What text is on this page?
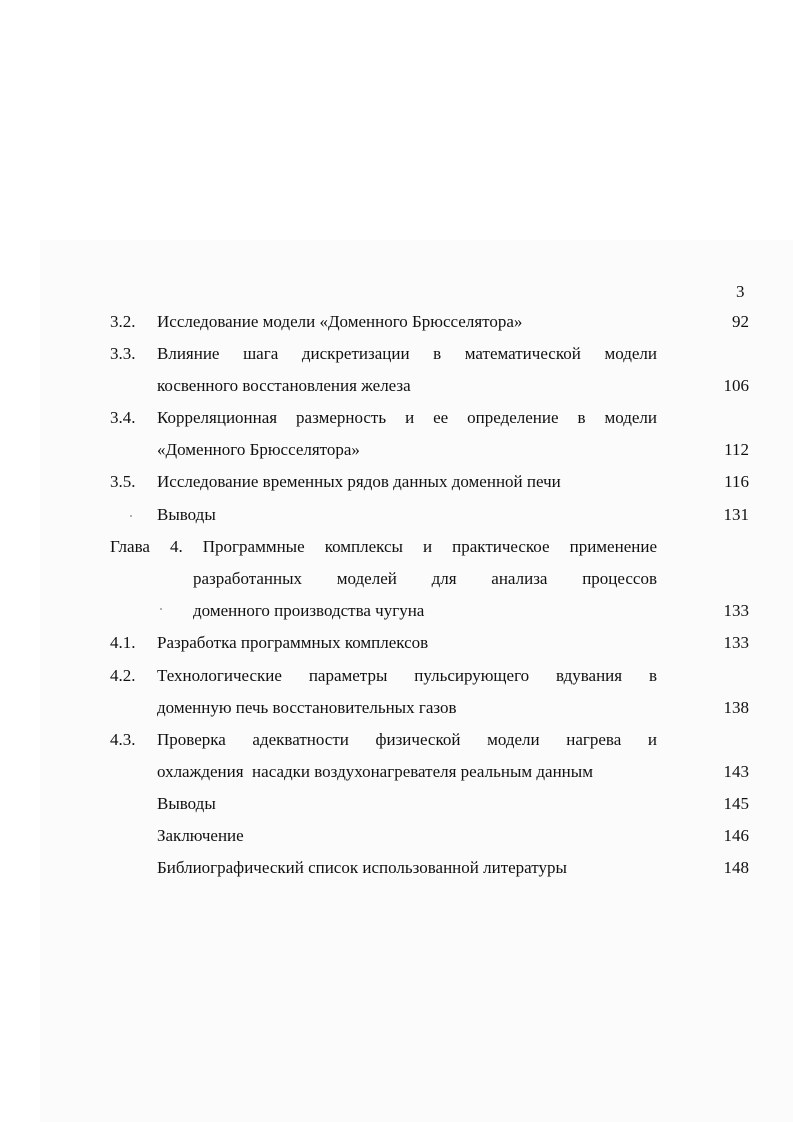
3
3.2. Исследование модели «Доменного Брюсселятора»	92
3.3. Влияние шага дискретизации в математической модели
косвенного восстановления железа	106
3.4. Корреляционная размерность и ее определение в модели
«Доменного Брюсселятора»	112
3.5. Исследование временных рядов данных доменной печи	116
Выводы	131
Глава 4. Программные комплексы и практическое применение
разработанных моделей для анализа процессов
доменного производства чугуна	133
4.1. Разработка программных комплексов	133
4.2. Технологические параметры пульсирующего вдувания в
доменную печь восстановительных газов	138
4.3. Проверка адекватности физической модели нагрева и
охлаждения  насадки воздухонагревателя реальным данным	143
Выводы	145
Заключение	146
Библиографический список использованной литературы	148
